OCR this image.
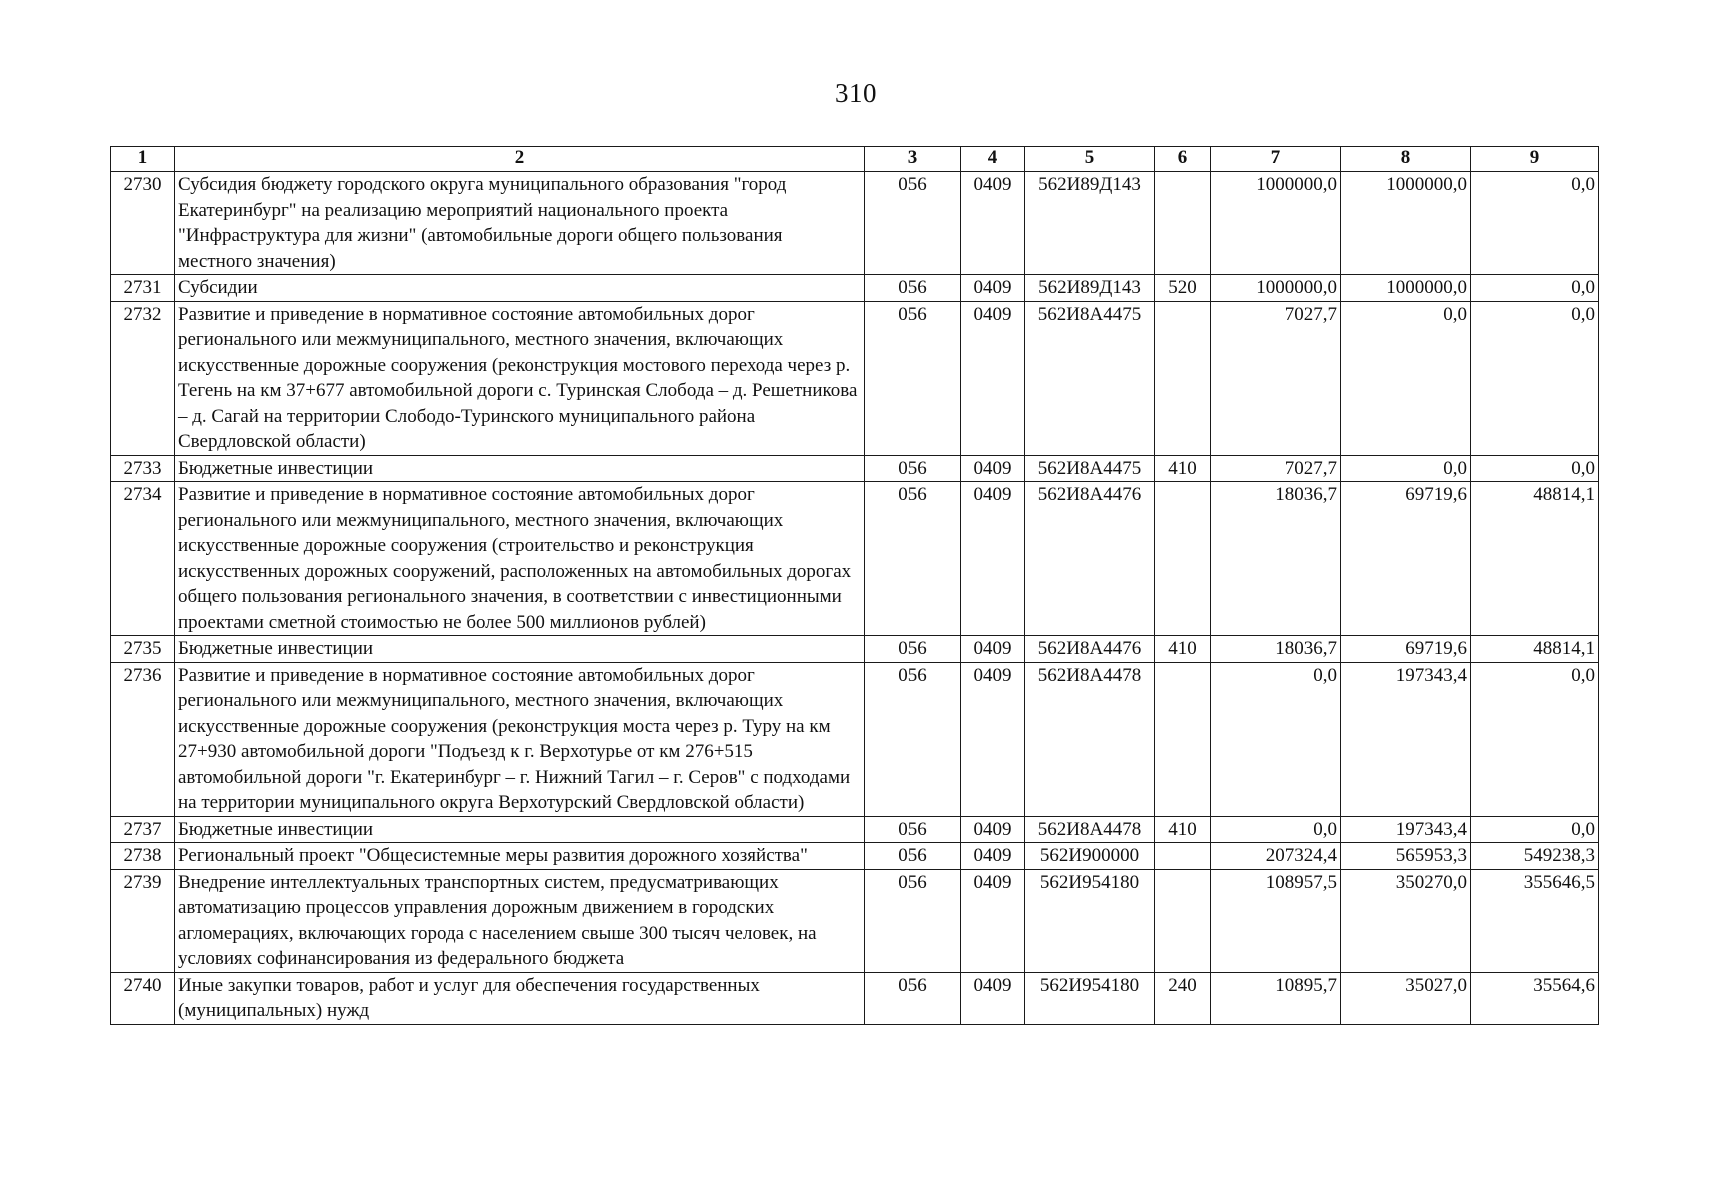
310
1	2	3	4	5	6	7	8	9
2730	Субсидия бюджету городского округа муниципального образования "город Екатеринбург" на реализацию мероприятий национального проекта "Инфраструктура для жизни" (автомобильные дороги общего пользования местного значения)	056	0409	562И89Д143		1000000,0	1000000,0	0,0
2731	Субсидии	056	0409	562И89Д143	520	1000000,0	1000000,0	0,0
2732	Развитие и приведение в нормативное состояние автомобильных дорог регионального или межмуниципального, местного значения, включающих искусственные дорожные сооружения (реконструкция мостового перехода через р. Тегень на км 37+677 автомобильной дороги с. Туринская Слобода – д. Решетникова – д. Сагай на территории Слободо-Туринского муниципального района Свердловской области)	056	0409	562И8А4475		7027,7	0,0	0,0
2733	Бюджетные инвестиции	056	0409	562И8А4475	410	7027,7	0,0	0,0
2734	Развитие и приведение в нормативное состояние автомобильных дорог регионального или межмуниципального, местного значения, включающих искусственные дорожные сооружения (строительство и реконструкция искусственных дорожных сооружений, расположенных на автомобильных дорогах общего пользования регионального значения, в соответствии с инвестиционными проектами сметной стоимостью не более 500 миллионов рублей)	056	0409	562И8А4476		18036,7	69719,6	48814,1
2735	Бюджетные инвестиции	056	0409	562И8А4476	410	18036,7	69719,6	48814,1
2736	Развитие и приведение в нормативное состояние автомобильных дорог регионального или межмуниципального, местного значения, включающих искусственные дорожные сооружения (реконструкция моста через р. Туру на км 27+930 автомобильной дороги "Подъезд к г. Верхотурье от км 276+515 автомобильной дороги "г. Екатеринбург – г. Нижний Тагил – г. Серов" с подходами на территории муниципального округа Верхотурский Свердловской области)	056	0409	562И8А4478		0,0	197343,4	0,0
2737	Бюджетные инвестиции	056	0409	562И8А4478	410	0,0	197343,4	0,0
2738	Региональный проект "Общесистемные меры развития дорожного хозяйства"	056	0409	562И900000		207324,4	565953,3	549238,3
2739	Внедрение интеллектуальных транспортных систем, предусматривающих автоматизацию процессов управления дорожным движением в городских агломерациях, включающих города с населением свыше 300 тысяч человек, на условиях софинансирования из федерального бюджета	056	0409	562И954180		108957,5	350270,0	355646,5
2740	Иные закупки товаров, работ и услуг для обеспечения государственных (муниципальных) нужд	056	0409	562И954180	240	10895,7	35027,0	35564,6
